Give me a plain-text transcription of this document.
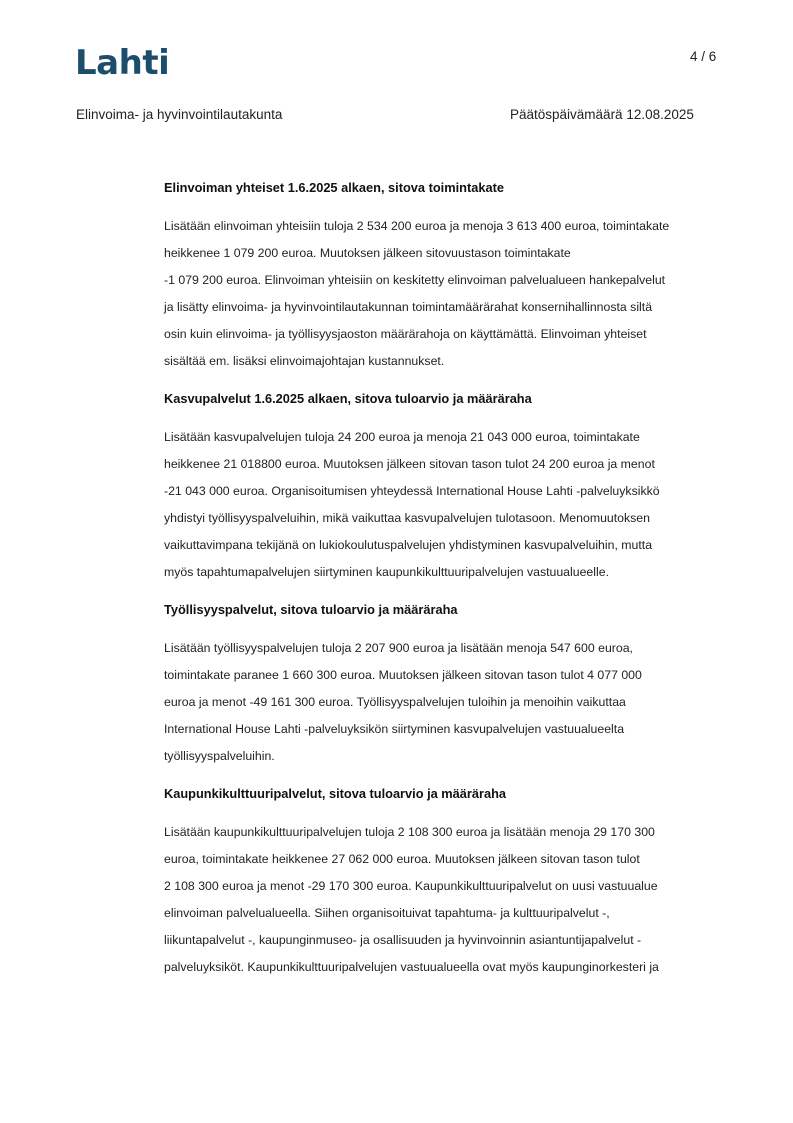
Lahti	4 / 6
Elinvoima- ja hyvinvointilautakunta	Päätöspäivämäärä 12.08.2025
Elinvoiman yhteiset 1.6.2025 alkaen, sitova toimintakate
Lisätään elinvoiman yhteisiin tuloja 2 534 200 euroa ja menoja 3 613 400 euroa, toimintakate
heikkenee 1 079 200 euroa. Muutoksen jälkeen sitovuustason toimintakate
-1 079 200 euroa. Elinvoiman yhteisiin on keskitetty elinvoiman palvelualueen hankepalvelut
ja lisätty elinvoima- ja hyvinvointilautakunnan toimintamäärärahat konsernihallinnosta siltä
osin kuin elinvoima- ja työllisyysjaoston määrärahoja on käyttämättä. Elinvoiman yhteiset
sisältää em. lisäksi elinvoimajohtajan kustannukset.
Kasvupalvelut 1.6.2025 alkaen, sitova tuloarvio ja määräraha
Lisätään kasvupalvelujen tuloja 24 200 euroa ja menoja 21 043 000 euroa, toimintakate
heikkenee 21 018800 euroa. Muutoksen jälkeen sitovan tason tulot 24 200 euroa ja menot
-21 043 000 euroa. Organisoitumisen yhteydessä International House Lahti -palveluyksikkö
yhdistyi työllisyyspalveluihin, mikä vaikuttaa kasvupalvelujen tulotasoon. Menomuutoksen
vaikuttavimpana tekijänä on lukiokoulutuspalvelujen yhdistyminen kasvupalveluihin, mutta
myös tapahtumapalvelujen siirtyminen kaupunkikulttuuripalvelujen vastuualueelle.
Työllisyyspalvelut, sitova tuloarvio ja määräraha
Lisätään työllisyyspalvelujen tuloja 2 207 900 euroa ja lisätään menoja 547 600 euroa,
toimintakate paranee 1 660 300 euroa. Muutoksen jälkeen sitovan tason tulot 4 077 000
euroa ja menot -49 161 300 euroa. Työllisyyspalvelujen tuloihin ja menoihin vaikuttaa
International House Lahti -palveluyksikön siirtyminen kasvupalvelujen vastuualueelta
työllisyyspalveluihin.
Kaupunkikulttuuripalvelut, sitova tuloarvio ja määräraha
Lisätään kaupunkikulttuuripalvelujen tuloja 2 108 300 euroa ja lisätään menoja 29 170 300
euroa, toimintakate heikkenee 27 062 000 euroa. Muutoksen jälkeen sitovan tason tulot
2 108 300 euroa ja menot -29 170 300 euroa. Kaupunkikulttuuripalvelut on uusi vastuualue
elinvoiman palvelualueella. Siihen organisoituivat tapahtuma- ja kulttuuripalvelut -,
liikuntapalvelut -, kaupunginmuseo- ja osallisuuden ja hyvinvoinnin asiantuntijapalvelut -
palveluyksiköt. Kaupunkikulttuuripalvelujen vastuualueella ovat myös kaupunginorkesteri ja
